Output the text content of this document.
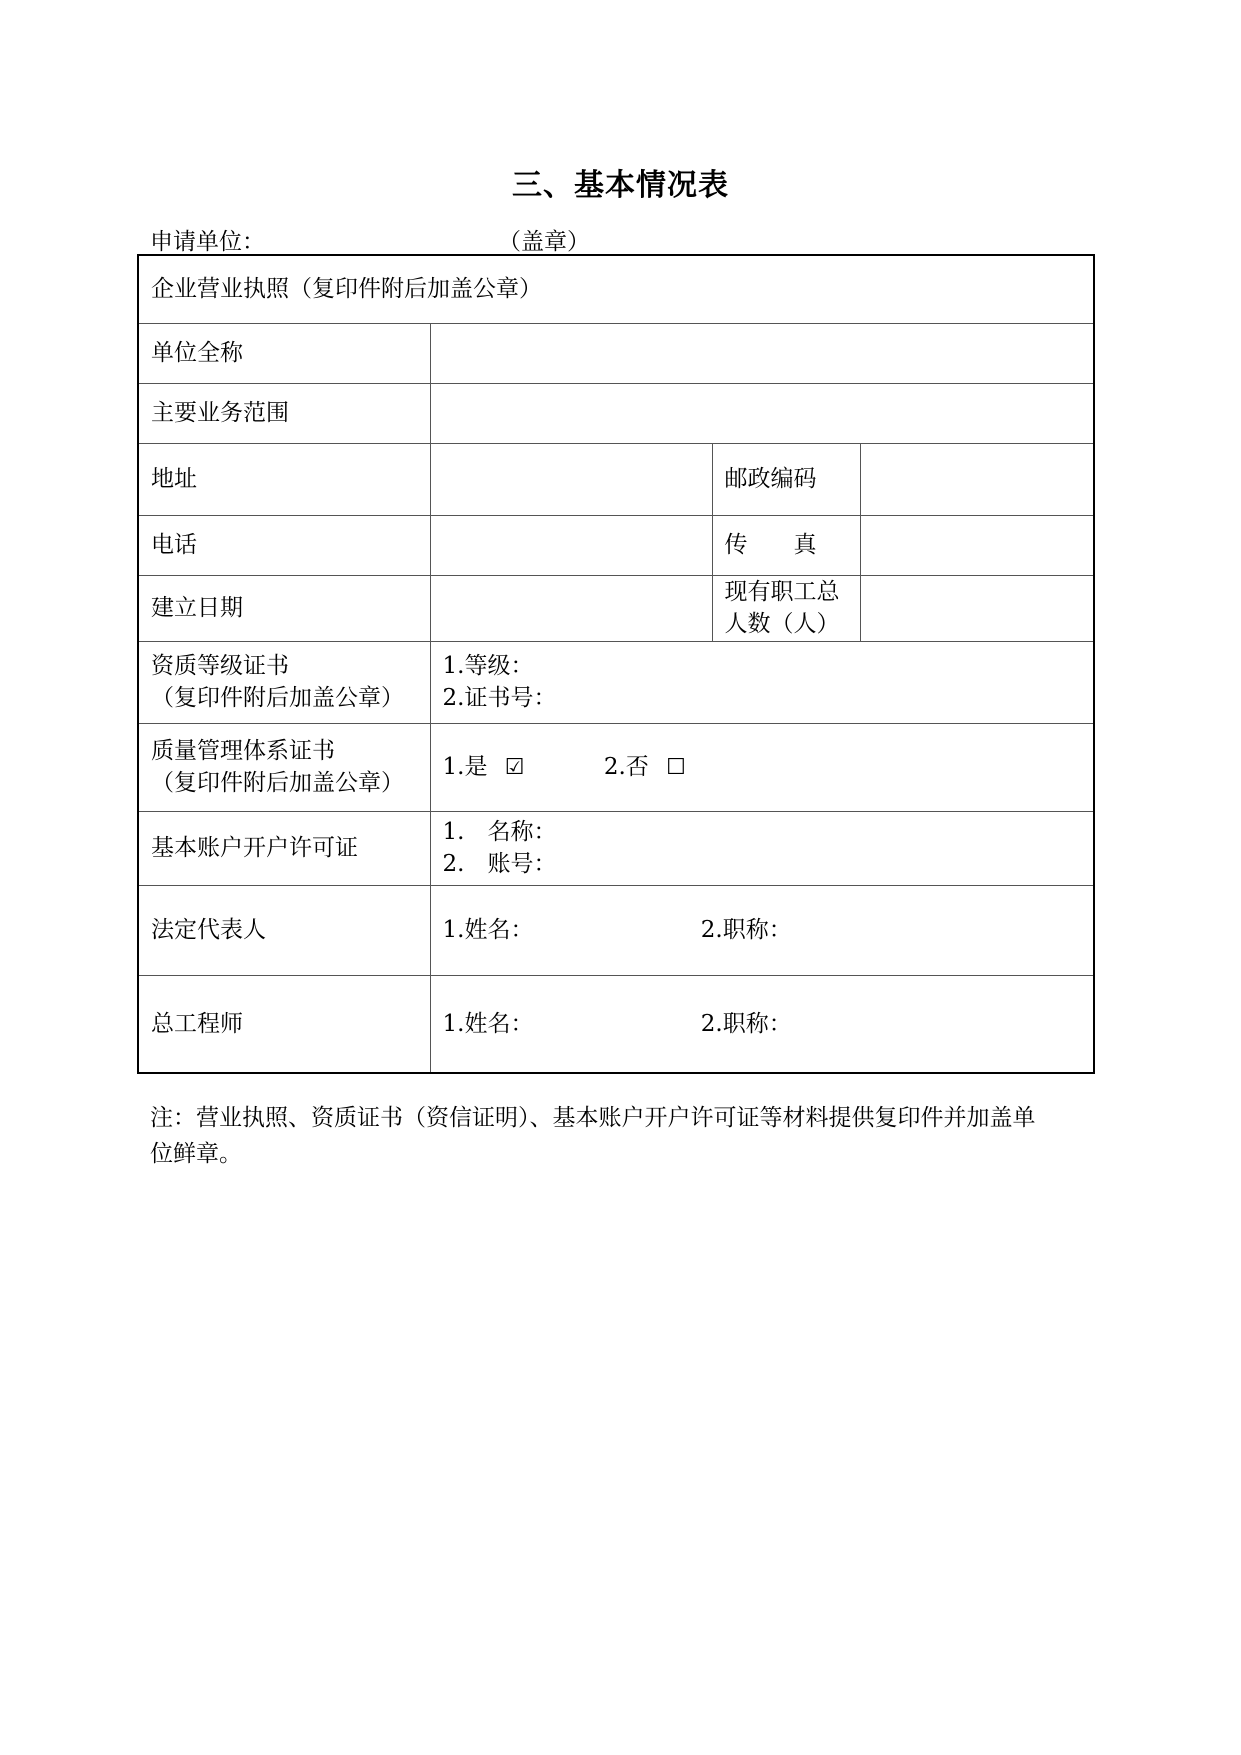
三、基本情况表
申请单位：	（盖章）
企业营业执照（复印件附后加盖公章）			
单位全称			
主要业务范围			
地址		邮政编码	
电话		传　　真	
建立日期		现有职工总
人数（人）	

资质等级证书
（复印件附后加盖公章）	1.等级：
2.证书号：		

质量管理体系证书
（复印件附后加盖公章）	1.是 ☑ 2.否 ☐		
基本账户开户许可证	1.　名称：
2.　账号：		

法定代表人	1.姓名： 2.职称：		
总工程师	1.姓名： 2.职称：		
注：营业执照、资质证书（资信证明）、基本账户开户许可证等材料提供复印件并加盖单
位鲜章。
